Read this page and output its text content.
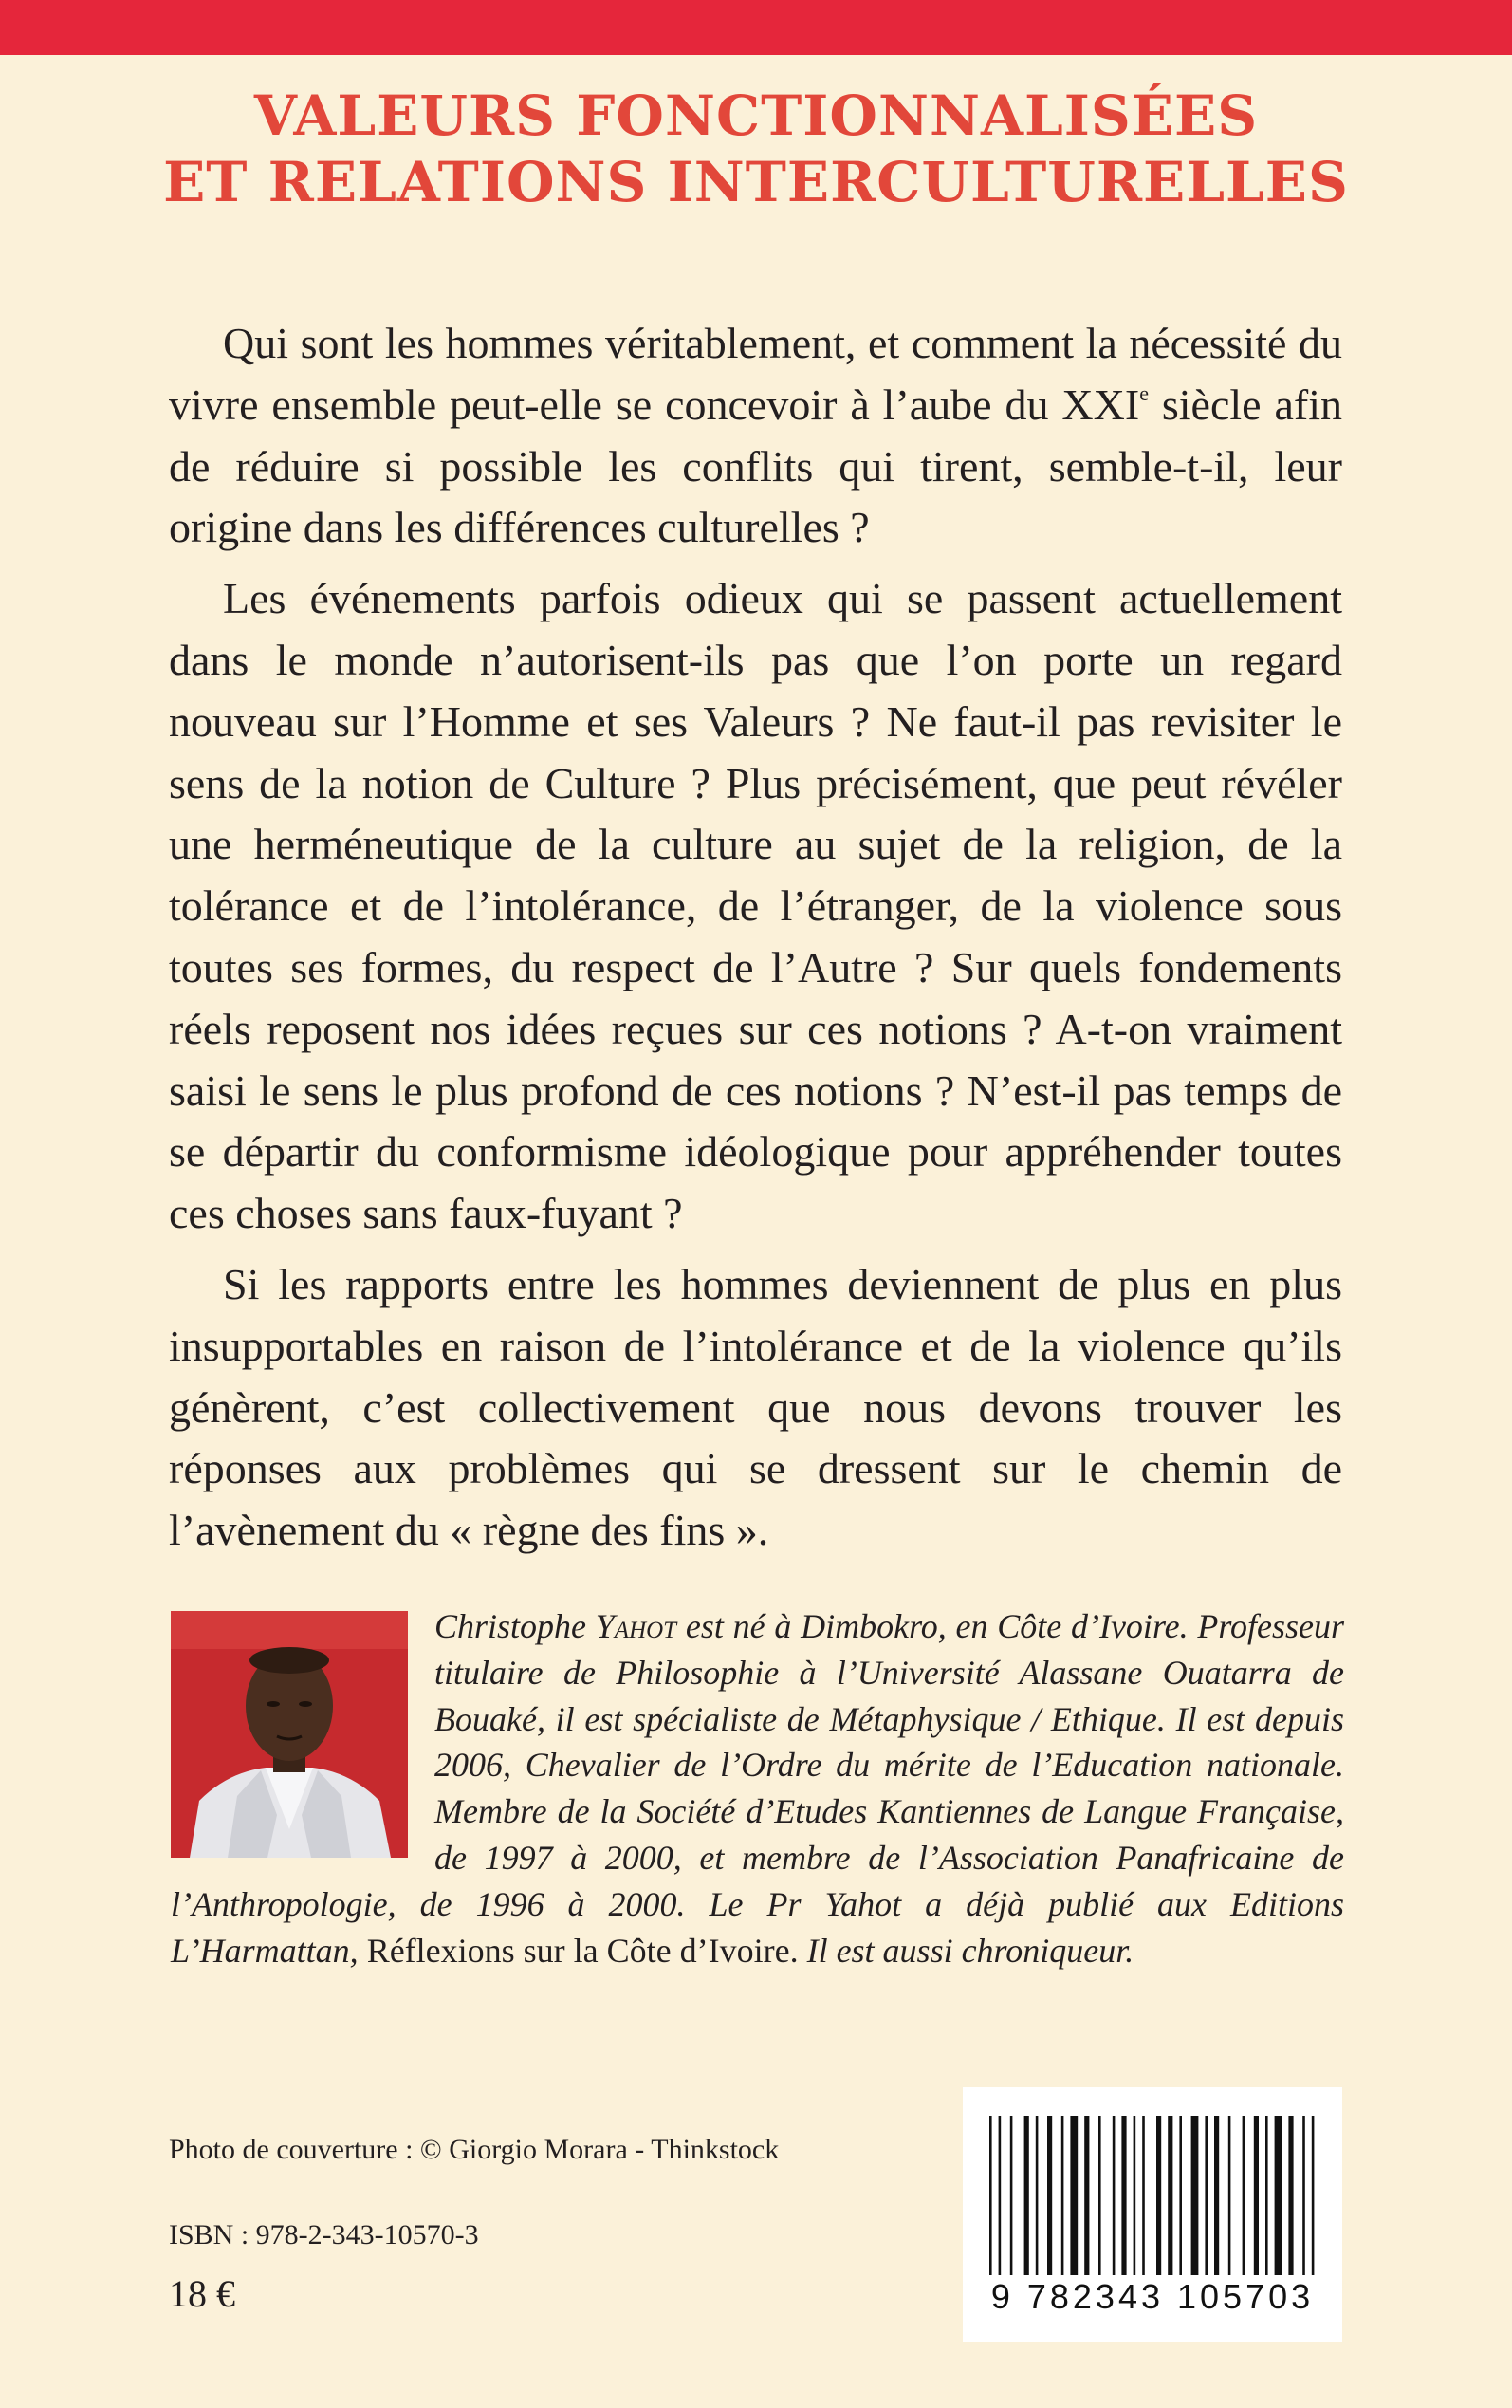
VALEURS FONCTIONNALISÉES
ET RELATIONS INTERCULTURELLES

Qui sont les hommes véritablement, et comment la nécessité du vivre ensemble peut-elle se concevoir à l’aube du XXIe siècle afin de réduire si possible les conflits qui tirent, semble-t-il, leur origine dans les différences culturelles ?

Les événements parfois odieux qui se passent actuellement dans le monde n’autorisent-ils pas que l’on porte un regard nouveau sur l’Homme et ses Valeurs ? Ne faut-il pas revisiter le sens de la notion de Culture ? Plus précisément, que peut révéler une herméneutique de la culture au sujet de la religion, de la tolérance et de l’intolérance, de l’étranger, de la violence sous toutes ses formes, du respect de l’Autre ? Sur quels fondements réels reposent nos idées reçues sur ces notions ? A-t-on vraiment saisi le sens le plus profond de ces notions ? N’est-il pas temps de se départir du conformisme idéologique pour appréhender toutes ces choses sans faux-fuyant ?

Si les rapports entre les hommes deviennent de plus en plus insupportables en raison de l’intolérance et de la violence qu’ils génèrent, c’est collectivement que nous devons trouver les réponses aux problèmes qui se dressent sur le chemin de l’avènement du « règne des fins ».

Christophe Yahot est né à Dimbokro, en Côte d’Ivoire. Professeur titulaire de Philosophie à l’Université Alassane Ouatarra de Bouaké, il est spécialiste de Métaphysique / Ethique. Il est depuis 2006, Chevalier de l’Ordre du mérite de l’Education nationale. Membre de la Société d’Etudes Kantiennes de Langue Française, de 1997 à 2000, et membre de l’Association Panafricaine de l’Anthropologie, de 1996 à 2000. Le Pr Yahot a déjà publié aux Editions L’Harmattan, Réflexions sur la Côte d’Ivoire. Il est aussi chroniqueur.
Photo de couverture : © Giorgio Morara - Thinkstock
ISBN : 978-2-343-10570-3
18 €	9 782343 105703
